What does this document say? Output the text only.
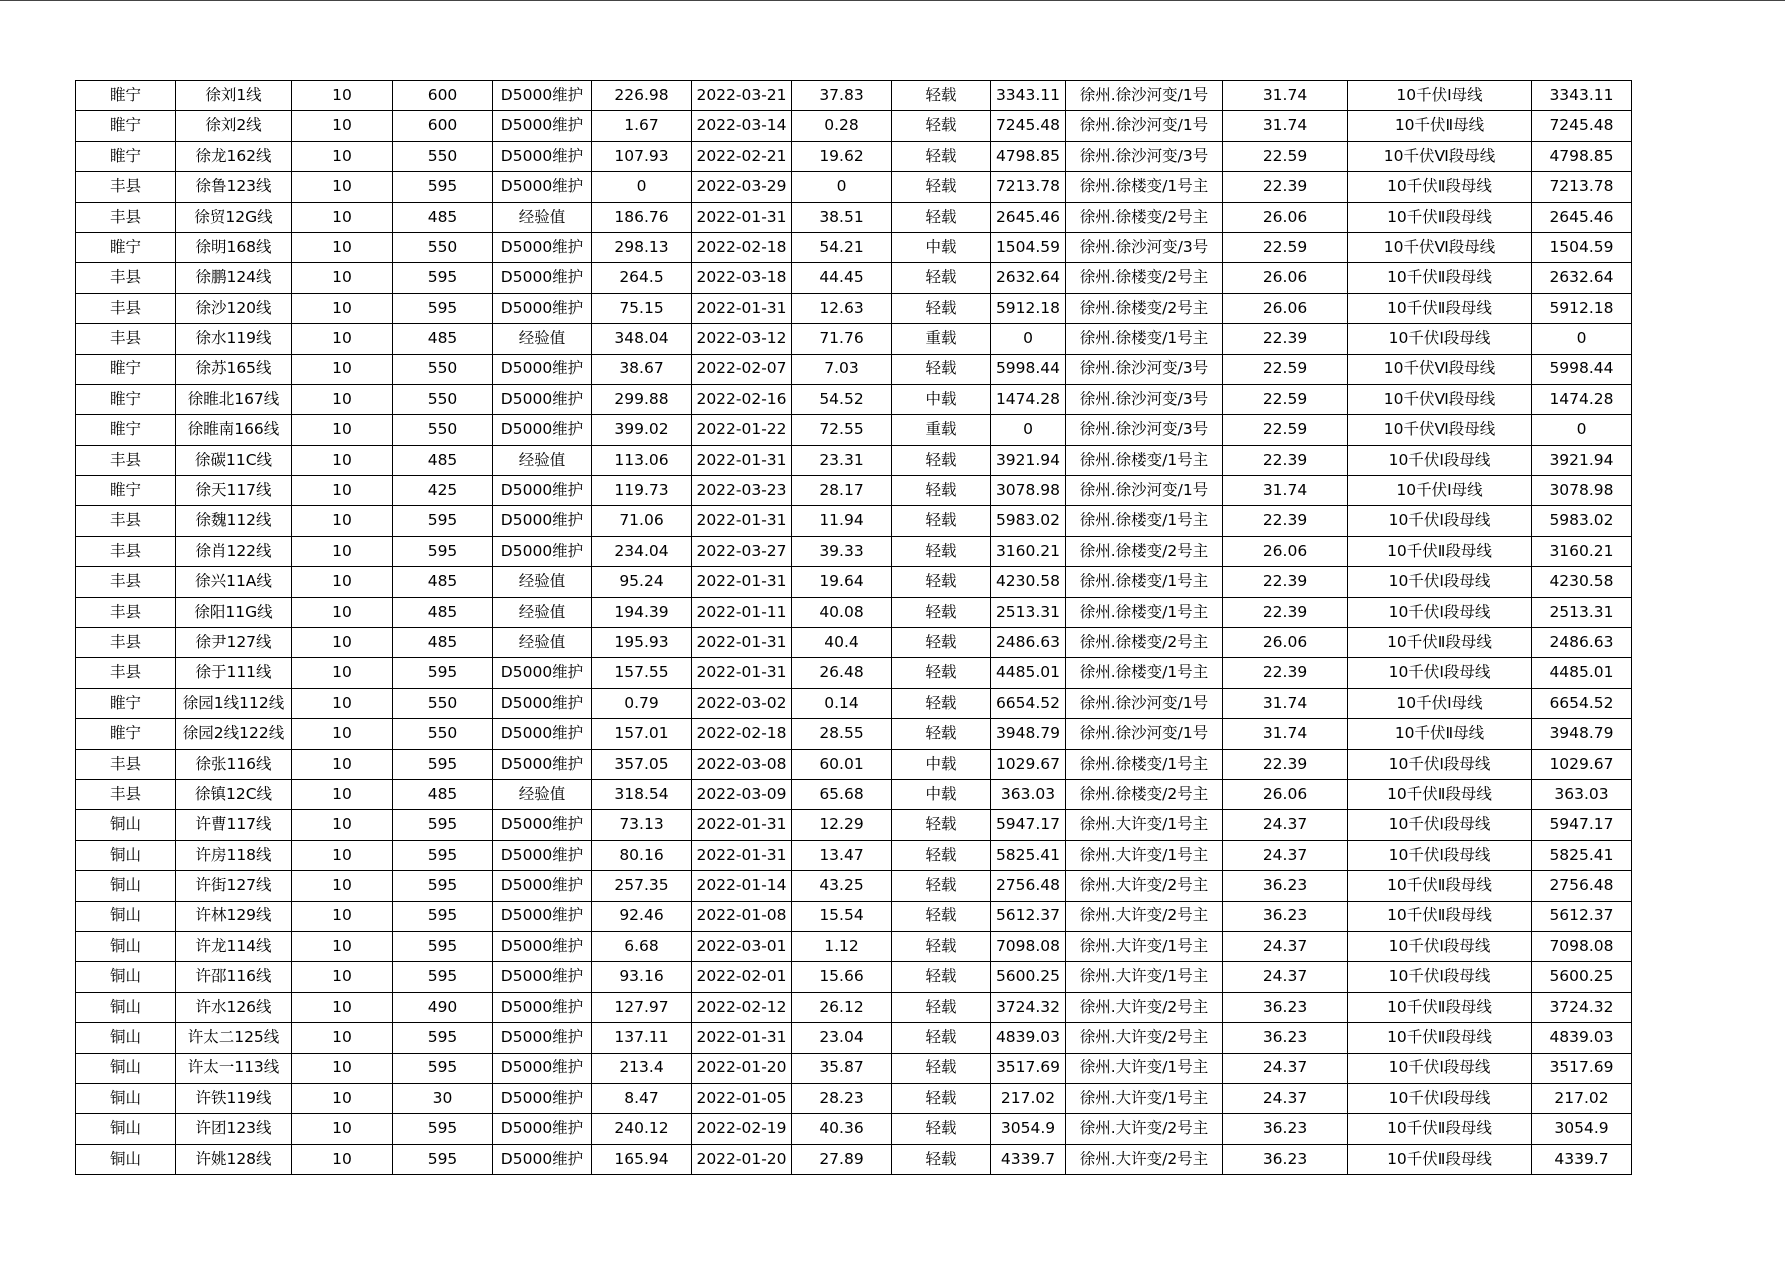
睢宁	徐刘1线	10	600	D5000维护	226.98	2022-03-21	37.83	轻载	3343.11	徐州.徐沙河变/1号	31.74	10千伏Ⅰ母线	3343.11
睢宁	徐刘2线	10	600	D5000维护	1.67	2022-03-14	0.28	轻载	7245.48	徐州.徐沙河变/1号	31.74	10千伏Ⅱ母线	7245.48
睢宁	徐龙162线	10	550	D5000维护	107.93	2022-02-21	19.62	轻载	4798.85	徐州.徐沙河变/3号	22.59	10千伏Ⅵ段母线	4798.85
丰县	徐鲁123线	10	595	D5000维护	0	2022-03-29	0	轻载	7213.78	徐州.徐楼变/1号主	22.39	10千伏Ⅱ段母线	7213.78
丰县	徐贸12G线	10	485	经验值	186.76	2022-01-31	38.51	轻载	2645.46	徐州.徐楼变/2号主	26.06	10千伏Ⅱ段母线	2645.46
睢宁	徐明168线	10	550	D5000维护	298.13	2022-02-18	54.21	中载	1504.59	徐州.徐沙河变/3号	22.59	10千伏Ⅵ段母线	1504.59
丰县	徐鹏124线	10	595	D5000维护	264.5	2022-03-18	44.45	轻载	2632.64	徐州.徐楼变/2号主	26.06	10千伏Ⅱ段母线	2632.64
丰县	徐沙120线	10	595	D5000维护	75.15	2022-01-31	12.63	轻载	5912.18	徐州.徐楼变/2号主	26.06	10千伏Ⅱ段母线	5912.18
丰县	徐水119线	10	485	经验值	348.04	2022-03-12	71.76	重载	0	徐州.徐楼变/1号主	22.39	10千伏Ⅰ段母线	0
睢宁	徐苏165线	10	550	D5000维护	38.67	2022-02-07	7.03	轻载	5998.44	徐州.徐沙河变/3号	22.59	10千伏Ⅵ段母线	5998.44
睢宁	徐睢北167线	10	550	D5000维护	299.88	2022-02-16	54.52	中载	1474.28	徐州.徐沙河变/3号	22.59	10千伏Ⅵ段母线	1474.28
睢宁	徐睢南166线	10	550	D5000维护	399.02	2022-01-22	72.55	重载	0	徐州.徐沙河变/3号	22.59	10千伏Ⅵ段母线	0
丰县	徐碳11C线	10	485	经验值	113.06	2022-01-31	23.31	轻载	3921.94	徐州.徐楼变/1号主	22.39	10千伏Ⅰ段母线	3921.94
睢宁	徐天117线	10	425	D5000维护	119.73	2022-03-23	28.17	轻载	3078.98	徐州.徐沙河变/1号	31.74	10千伏Ⅰ母线	3078.98
丰县	徐魏112线	10	595	D5000维护	71.06	2022-01-31	11.94	轻载	5983.02	徐州.徐楼变/1号主	22.39	10千伏Ⅰ段母线	5983.02
丰县	徐肖122线	10	595	D5000维护	234.04	2022-03-27	39.33	轻载	3160.21	徐州.徐楼变/2号主	26.06	10千伏Ⅱ段母线	3160.21
丰县	徐兴11A线	10	485	经验值	95.24	2022-01-31	19.64	轻载	4230.58	徐州.徐楼变/1号主	22.39	10千伏Ⅰ段母线	4230.58
丰县	徐阳11G线	10	485	经验值	194.39	2022-01-11	40.08	轻载	2513.31	徐州.徐楼变/1号主	22.39	10千伏Ⅰ段母线	2513.31
丰县	徐尹127线	10	485	经验值	195.93	2022-01-31	40.4	轻载	2486.63	徐州.徐楼变/2号主	26.06	10千伏Ⅱ段母线	2486.63
丰县	徐于111线	10	595	D5000维护	157.55	2022-01-31	26.48	轻载	4485.01	徐州.徐楼变/1号主	22.39	10千伏Ⅰ段母线	4485.01
睢宁	徐园1线112线	10	550	D5000维护	0.79	2022-03-02	0.14	轻载	6654.52	徐州.徐沙河变/1号	31.74	10千伏Ⅰ母线	6654.52
睢宁	徐园2线122线	10	550	D5000维护	157.01	2022-02-18	28.55	轻载	3948.79	徐州.徐沙河变/1号	31.74	10千伏Ⅱ母线	3948.79
丰县	徐张116线	10	595	D5000维护	357.05	2022-03-08	60.01	中载	1029.67	徐州.徐楼变/1号主	22.39	10千伏Ⅰ段母线	1029.67
丰县	徐镇12C线	10	485	经验值	318.54	2022-03-09	65.68	中载	363.03	徐州.徐楼变/2号主	26.06	10千伏Ⅱ段母线	363.03
铜山	许曹117线	10	595	D5000维护	73.13	2022-01-31	12.29	轻载	5947.17	徐州.大许变/1号主	24.37	10千伏Ⅰ段母线	5947.17
铜山	许房118线	10	595	D5000维护	80.16	2022-01-31	13.47	轻载	5825.41	徐州.大许变/1号主	24.37	10千伏Ⅰ段母线	5825.41
铜山	许街127线	10	595	D5000维护	257.35	2022-01-14	43.25	轻载	2756.48	徐州.大许变/2号主	36.23	10千伏Ⅱ段母线	2756.48
铜山	许林129线	10	595	D5000维护	92.46	2022-01-08	15.54	轻载	5612.37	徐州.大许变/2号主	36.23	10千伏Ⅱ段母线	5612.37
铜山	许龙114线	10	595	D5000维护	6.68	2022-03-01	1.12	轻载	7098.08	徐州.大许变/1号主	24.37	10千伏Ⅰ段母线	7098.08
铜山	许邵116线	10	595	D5000维护	93.16	2022-02-01	15.66	轻载	5600.25	徐州.大许变/1号主	24.37	10千伏Ⅰ段母线	5600.25
铜山	许水126线	10	490	D5000维护	127.97	2022-02-12	26.12	轻载	3724.32	徐州.大许变/2号主	36.23	10千伏Ⅱ段母线	3724.32
铜山	许太二125线	10	595	D5000维护	137.11	2022-01-31	23.04	轻载	4839.03	徐州.大许变/2号主	36.23	10千伏Ⅱ段母线	4839.03
铜山	许太一113线	10	595	D5000维护	213.4	2022-01-20	35.87	轻载	3517.69	徐州.大许变/1号主	24.37	10千伏Ⅰ段母线	3517.69
铜山	许铁119线	10	30	D5000维护	8.47	2022-01-05	28.23	轻载	217.02	徐州.大许变/1号主	24.37	10千伏Ⅰ段母线	217.02
铜山	许团123线	10	595	D5000维护	240.12	2022-02-19	40.36	轻载	3054.9	徐州.大许变/2号主	36.23	10千伏Ⅱ段母线	3054.9
铜山	许姚128线	10	595	D5000维护	165.94	2022-01-20	27.89	轻载	4339.7	徐州.大许变/2号主	36.23	10千伏Ⅱ段母线	4339.7
